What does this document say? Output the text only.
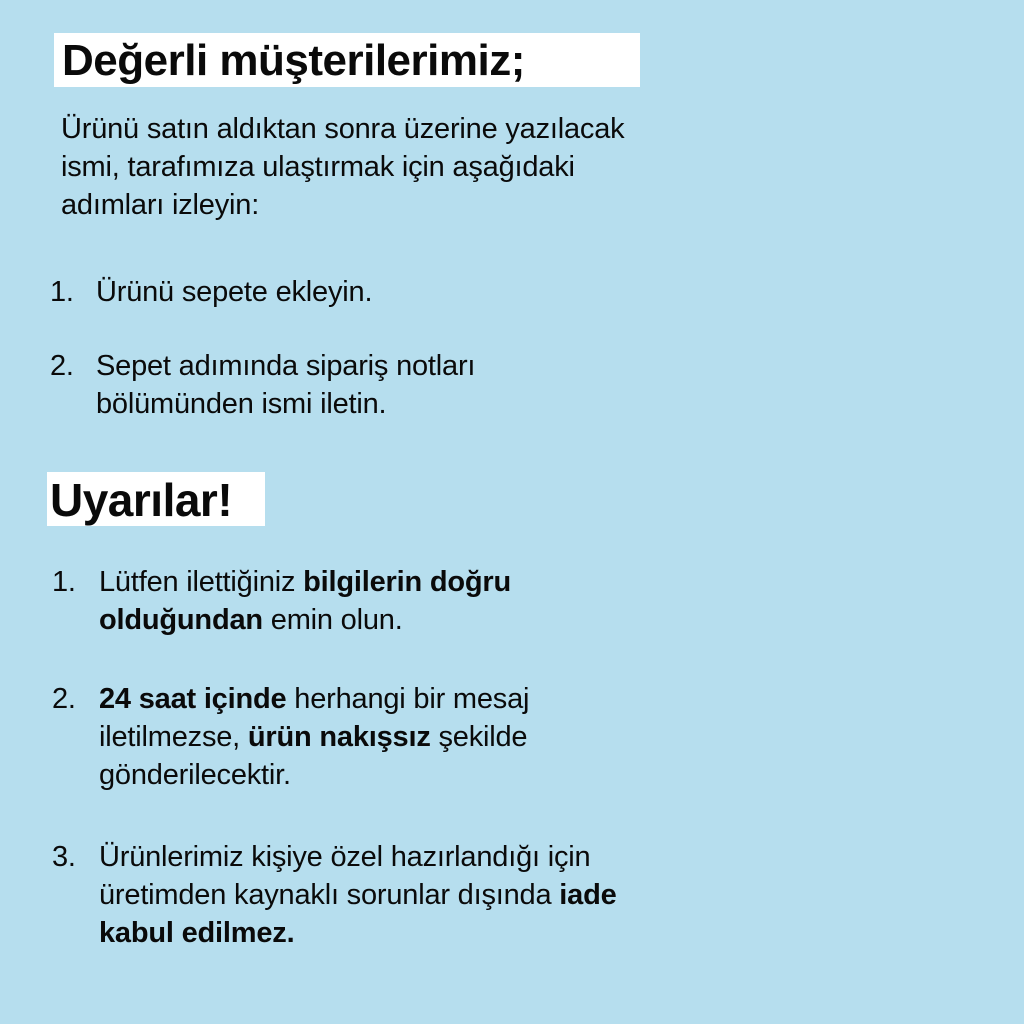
Değerli müşterilerimiz;
Ürünü satın aldıktan sonra üzerine yazılacak
ismi, tarafımıza ulaştırmak için aşağıdaki
adımları izleyin:
1. Ürünü sepete ekleyin.
2. Sepet adımında sipariş notları
bölümünden ismi iletin.
Uyarılar!
1. Lütfen ilettiğiniz bilgilerin doğru
olduğundan emin olun.
2. 24 saat içinde herhangi bir mesaj
iletilmezse, ürün nakışsız şekilde
gönderilecektir.
3. Ürünlerimiz kişiye özel hazırlandığı için
üretimden kaynaklı sorunlar dışında iade
kabul edilmez.
